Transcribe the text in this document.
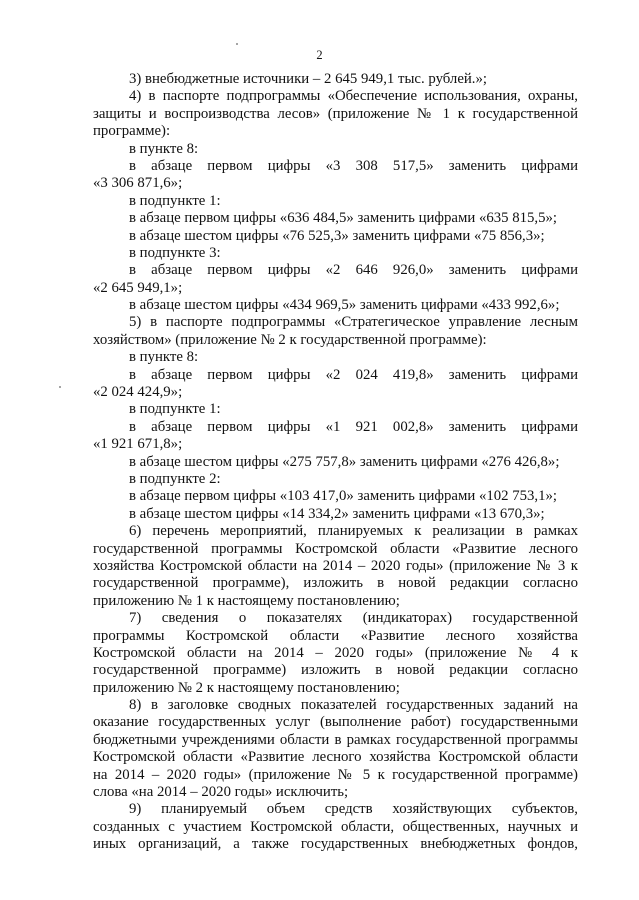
2
3) внебюджетные источники – 2 645 949,1 тыс. рублей.»;
4) в паспорте подпрограммы «Обеспечение использования, охраны,
защиты и воспроизводства лесов» (приложение № 1 к государственной
программе):
в пункте 8:
в абзаце первом цифры «3 308 517,5» заменить цифрами
«3 306 871,6»;
в подпункте 1:
в абзаце первом цифры «636 484,5» заменить цифрами «635 815,5»;
в абзаце шестом цифры «76 525,3» заменить цифрами «75 856,3»;
в подпункте 3:
в абзаце первом цифры «2 646 926,0» заменить цифрами
«2 645 949,1»;
в абзаце шестом цифры «434 969,5» заменить цифрами «433 992,6»;
5) в паспорте подпрограммы «Стратегическое управление лесным
хозяйством» (приложение № 2 к государственной программе):
в пункте 8:
в абзаце первом цифры «2 024 419,8» заменить цифрами
«2 024 424,9»;
в подпункте 1:
в абзаце первом цифры «1 921 002,8» заменить цифрами
«1 921 671,8»;
в абзаце шестом цифры «275 757,8» заменить цифрами «276 426,8»;
в подпункте 2:
в абзаце первом цифры «103 417,0» заменить цифрами «102 753,1»;
в абзаце шестом цифры «14 334,2» заменить цифрами «13 670,3»;
6) перечень мероприятий, планируемых к реализации в рамках
государственной программы Костромской области «Развитие лесного
хозяйства Костромской области на 2014 – 2020 годы» (приложение № 3 к
государственной программе), изложить в новой редакции согласно
приложению № 1 к настоящему постановлению;
7) сведения о показателях (индикаторах) государственной
программы Костромской области «Развитие лесного хозяйства
Костромской области на 2014 – 2020 годы» (приложение № 4 к
государственной программе) изложить в новой редакции согласно
приложению № 2 к настоящему постановлению;
8) в заголовке сводных показателей государственных заданий на
оказание государственных услуг (выполнение работ) государственными
бюджетными учреждениями области в рамках государственной программы
Костромской области «Развитие лесного хозяйства Костромской области
на 2014 – 2020 годы» (приложение № 5 к государственной программе)
слова «на 2014 – 2020 годы» исключить;
9) планируемый объем средств хозяйствующих субъектов,
созданных с участием Костромской области, общественных, научных и
иных организаций, а также государственных внебюджетных фондов,
